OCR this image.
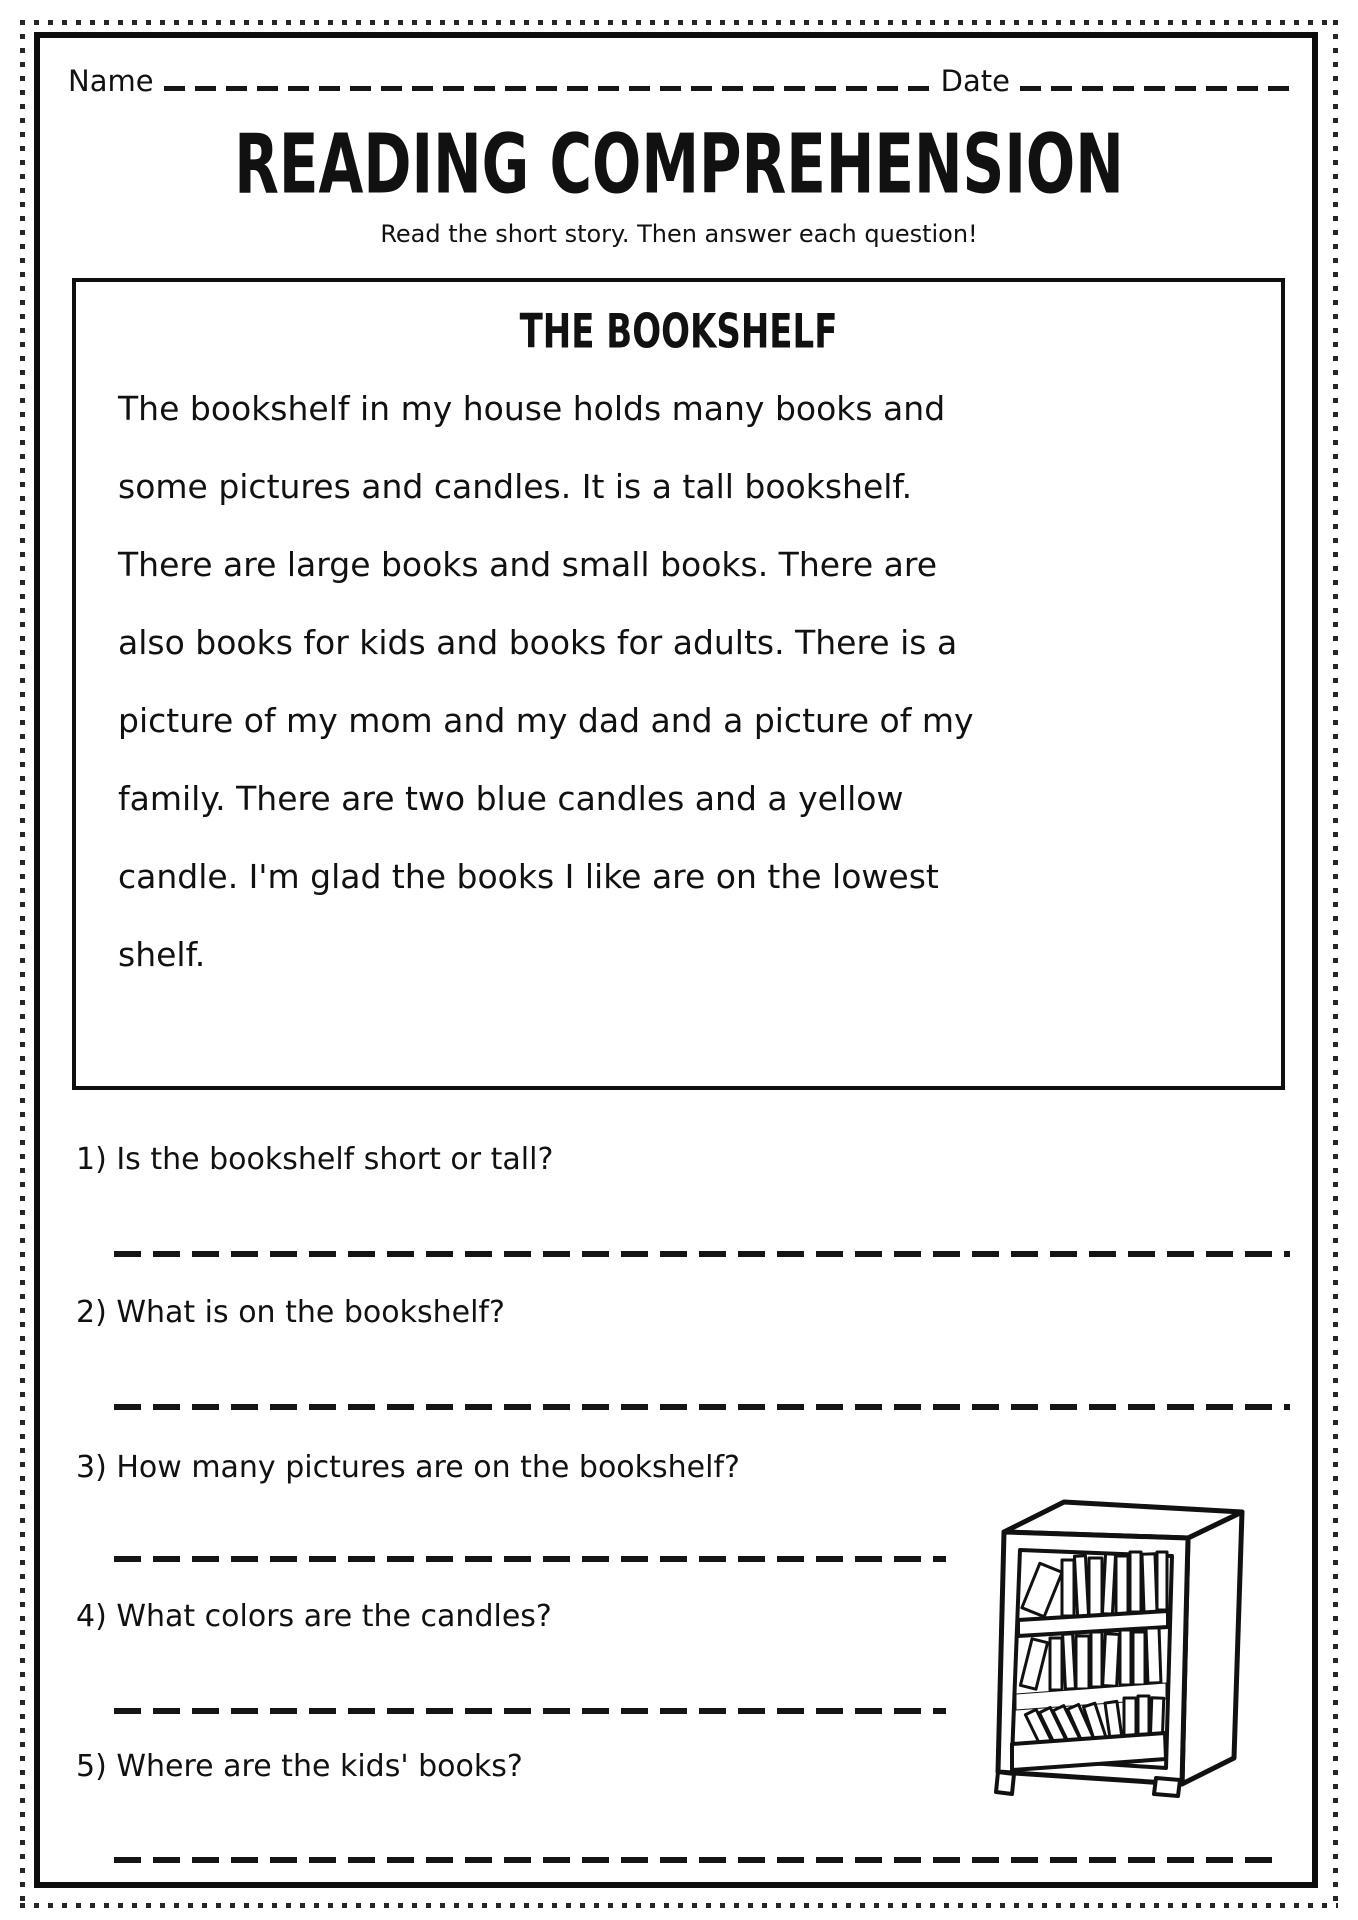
Name	Date
READING COMPREHENSION
Read the short story. Then answer each question!
THE BOOKSHELF
The bookshelf in my house holds many books and
some pictures and candles. It is a tall bookshelf.
There are large books and small books. There are
also books for kids and books for adults. There is a
picture of my mom and my dad and a picture of my
family. There are two blue candles and a yellow
candle. I'm glad the books I like are on the lowest
shelf.
1) Is the bookshelf short or tall?
2) What is on the bookshelf?
3) How many pictures are on the bookshelf?
4) What colors are the candles?
5) Where are the kids' books?
